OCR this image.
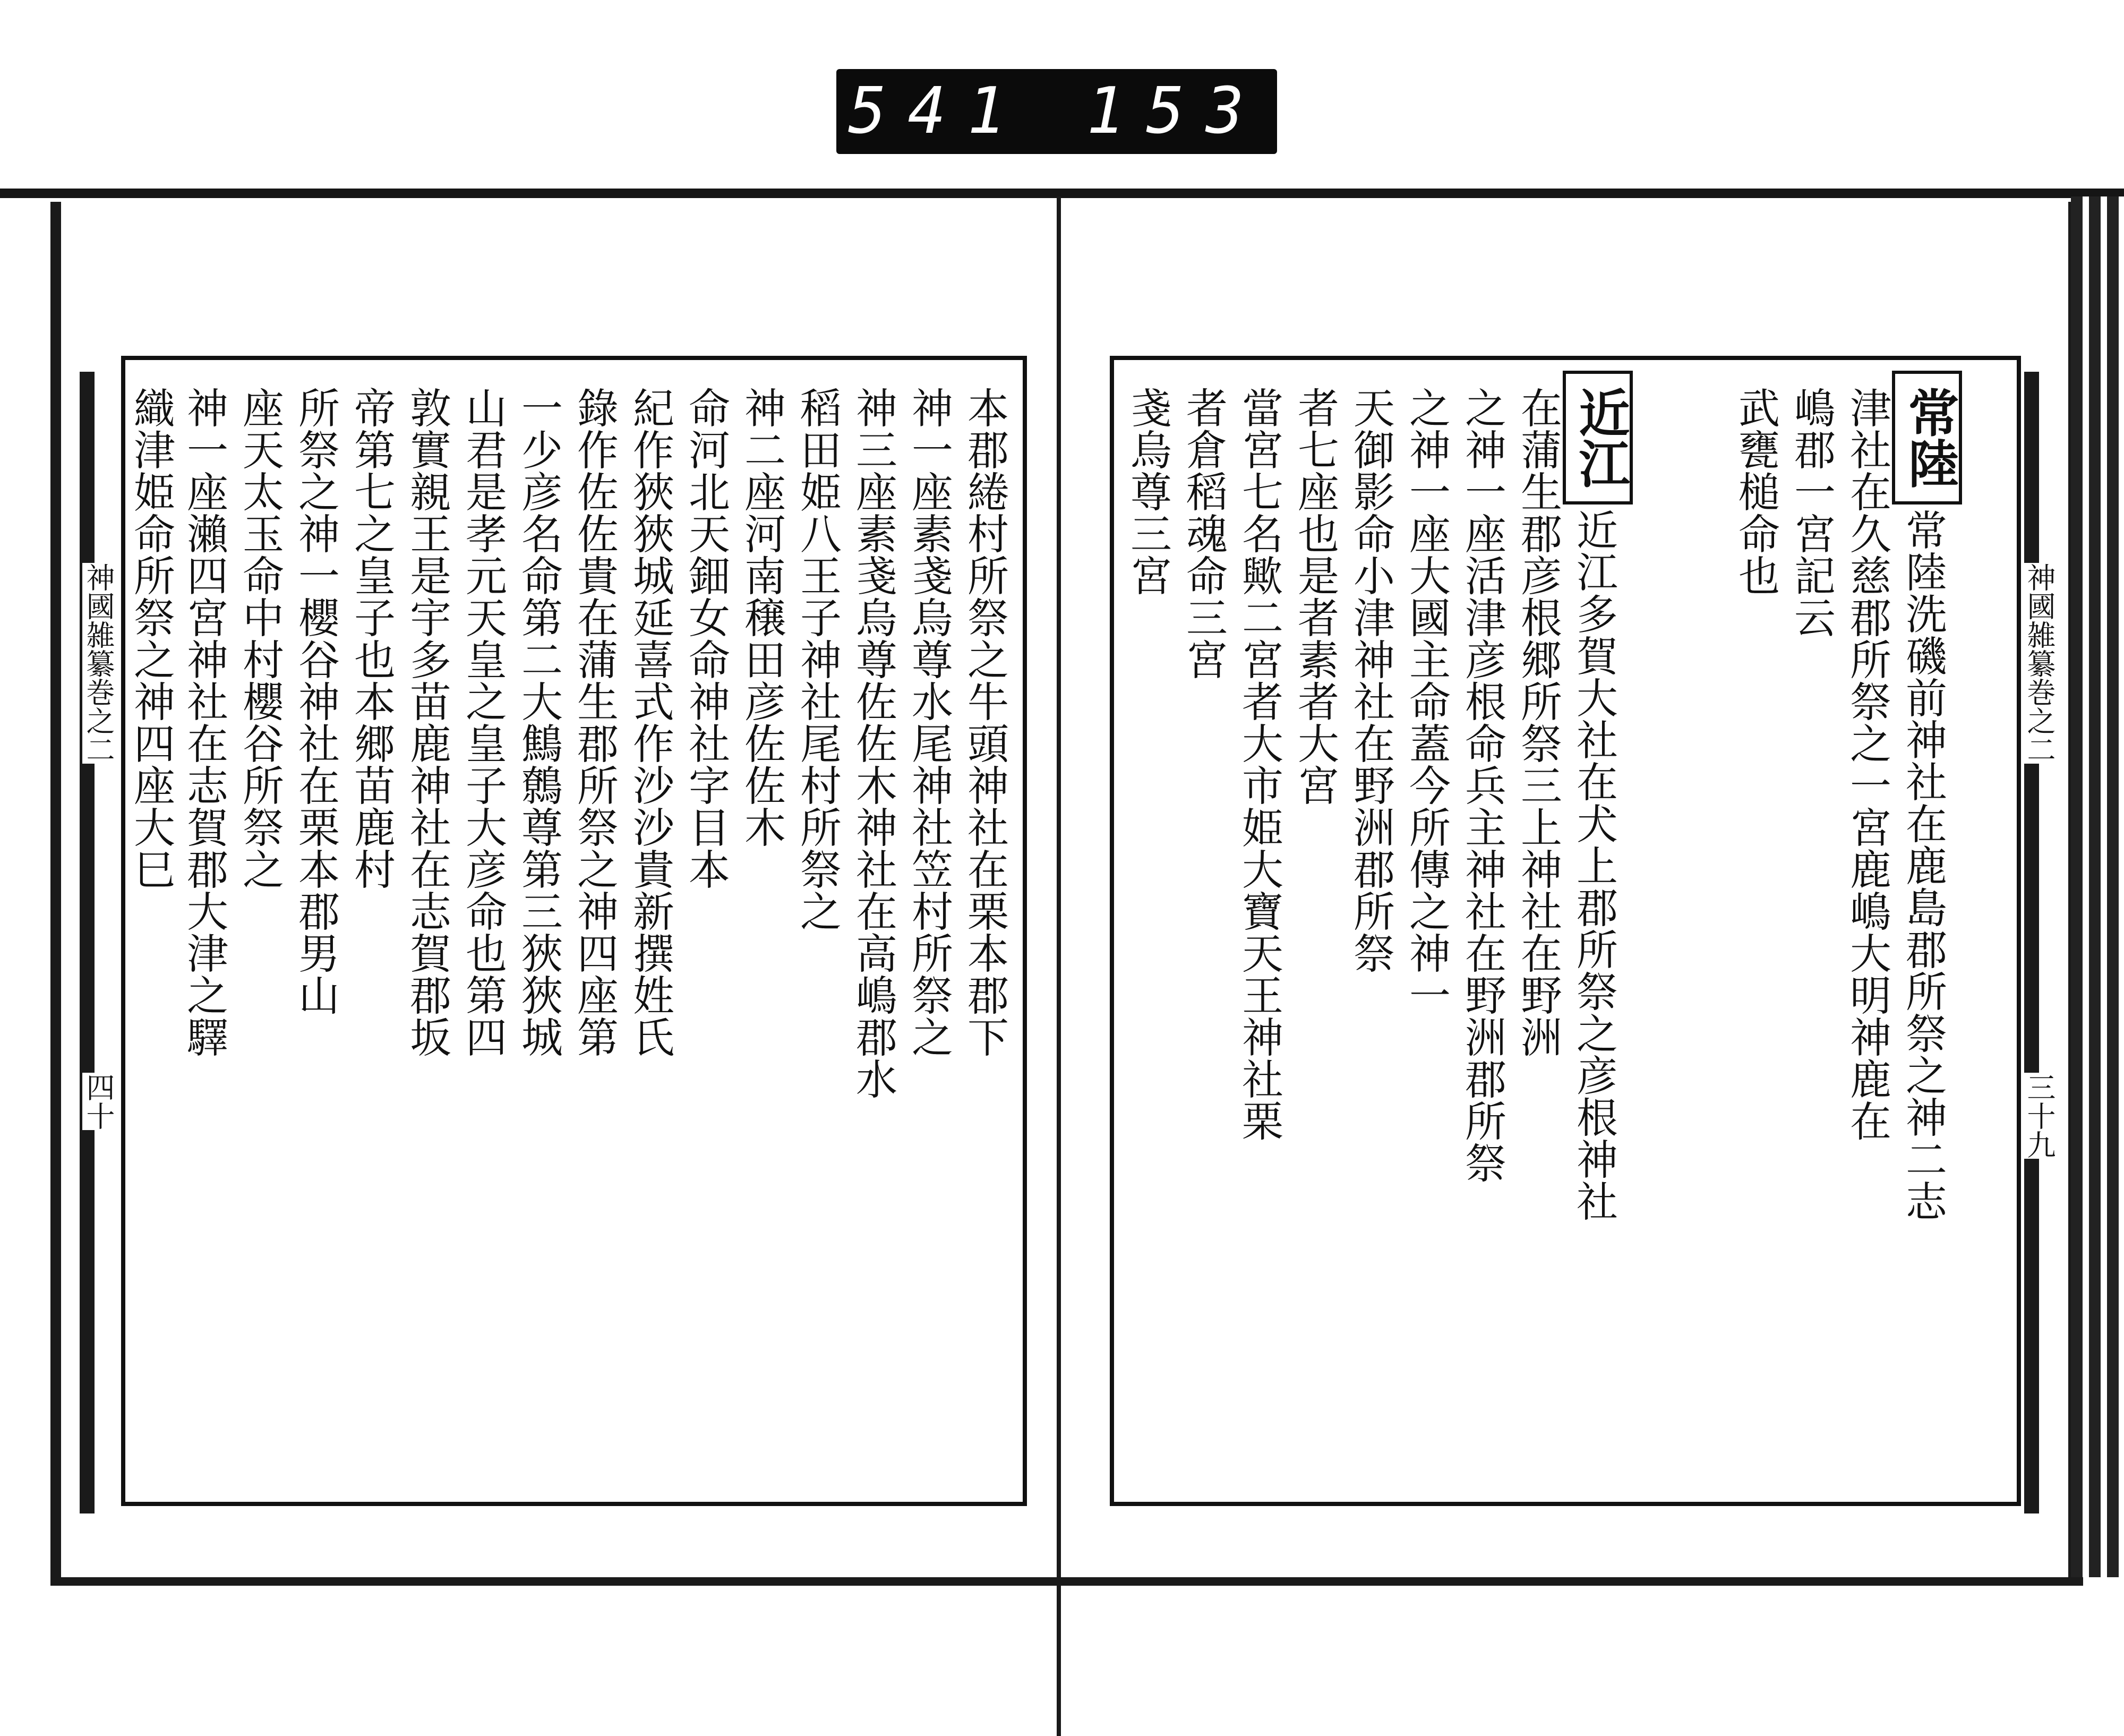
541 153
神國雑纂巻之二
四十
神國雑纂巻之二
三十九
本郡綣村所祭之牛頭神社在栗本郡下
神一座素戔烏尊水尾神社笠村所祭之
神三座素戔烏尊佐佐木神社在高嶋郡水
稻田姫八王子神社尾村所祭之
神二座河南穣田彦佐佐木
命河北天鈿女命神社字目本
紀作狹狹城延喜式作沙沙貴新撰姓氏
錄作佐佐貴在蒲生郡所祭之神四座第
一少彦名命第二大鷦鷯尊第三狹狹城
山君是孝元天皇之皇子大彦命也第四
敦實親王是宇多苗鹿神社在志賀郡坂
帝第七之皇子也本郷苗鹿村
所祭之神一櫻谷神社在栗本郡男山
座天太玉命中村櫻谷所祭之
神一座瀨四宮神社在志賀郡大津之驛
織津姫命所祭之神四座大巳	常陸
近江
常陸洗磯前神社在鹿島郡所祭之神二志
津社在久慈郡所祭之一宮鹿嶋大明神鹿在
嶋郡一宮記云
武甕槌命也
近江多賀大社在犬上郡所祭之彦根神社
在蒲生郡彦根郷所祭三上神社在野洲
之神一座活津彦根命兵主神社在野洲郡所祭
之神一座大國主命蓋今所傳之神一
天御影命小津神社在野洲郡所祭
者七座也是者素者大宮
當宮七名歟二宮者大市姫大寶天王神社栗
者倉稻魂命三宮
戔烏尊三宮
